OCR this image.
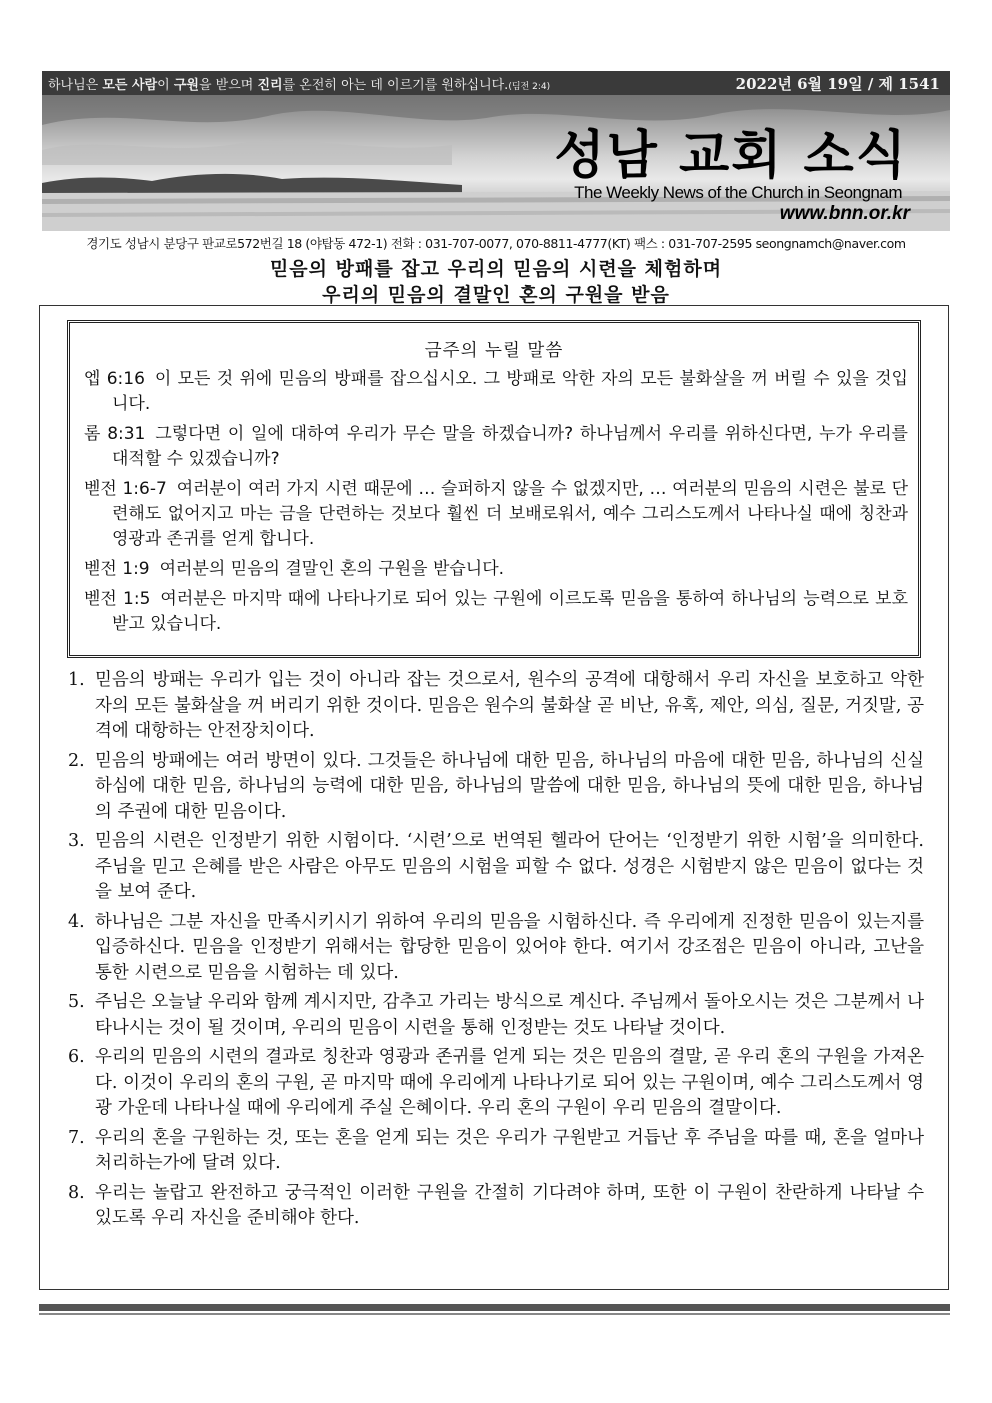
하나님은 모든 사람이 구원을 받으며 진리를 온전히 아는 데 이르기를 원하십니다.(딤전 2:4)	2022년 6월 19일 / 제 1541
성남 교회 소식
The Weekly News of the Church in Seongnam
www.bnn.or.kr
경기도 성남시 분당구 판교로572번길 18 (야탑동 472-1) 전화 : 031-707-0077, 070-8811-4777(KT) 팩스 : 031-707-2595 seongnamch@naver.com
믿음의 방패를 잡고 우리의 믿음의 시련을 체험하며
우리의 믿음의 결말인 혼의 구원을 받음
금주의 누릴 말씀
엡 6:16 이 모든 것 위에 믿음의 방패를 잡으십시오. 그 방패로 악한 자의 모든 불화살을 꺼 버릴 수 있을 것입니다.
롬 8:31 그렇다면 이 일에 대하여 우리가 무슨 말을 하겠습니까? 하나님께서 우리를 위하신다면, 누가 우리를 대적할 수 있겠습니까?
벧전 1:6-7 여러분이 여러 가지 시련 때문에 … 슬퍼하지 않을 수 없겠지만, … 여러분의 믿음의 시련은 불로 단련해도 없어지고 마는 금을 단련하는 것보다 훨씬 더 보배로워서, 예수 그리스도께서 나타나실 때에 칭찬과 영광과 존귀를 얻게 합니다.
벧전 1:9 여러분의 믿음의 결말인 혼의 구원을 받습니다.
벧전 1:5 여러분은 마지막 때에 나타나기로 되어 있는 구원에 이르도록 믿음을 통하여 하나님의 능력으로 보호받고 있습니다.
1. 믿음의 방패는 우리가 입는 것이 아니라 잡는 것으로서, 원수의 공격에 대항해서 우리 자신을 보호하고 악한 자의 모든 불화살을 꺼 버리기 위한 것이다. 믿음은 원수의 불화살 곧 비난, 유혹, 제안, 의심, 질문, 거짓말, 공격에 대항하는 안전장치이다.
2. 믿음의 방패에는 여러 방면이 있다. 그것들은 하나님에 대한 믿음, 하나님의 마음에 대한 믿음, 하나님의 신실하심에 대한 믿음, 하나님의 능력에 대한 믿음, 하나님의 말씀에 대한 믿음, 하나님의 뜻에 대한 믿음, 하나님의 주권에 대한 믿음이다.
3. 믿음의 시련은 인정받기 위한 시험이다. ‘시련’으로 번역된 헬라어 단어는 ‘인정받기 위한 시험’을 의미한다. 주님을 믿고 은혜를 받은 사람은 아무도 믿음의 시험을 피할 수 없다. 성경은 시험받지 않은 믿음이 없다는 것을 보여 준다.
4. 하나님은 그분 자신을 만족시키시기 위하여 우리의 믿음을 시험하신다. 즉 우리에게 진정한 믿음이 있는지를 입증하신다. 믿음을 인정받기 위해서는 합당한 믿음이 있어야 한다. 여기서 강조점은 믿음이 아니라, 고난을 통한 시련으로 믿음을 시험하는 데 있다.
5. 주님은 오늘날 우리와 함께 계시지만, 감추고 가리는 방식으로 계신다. 주님께서 돌아오시는 것은 그분께서 나타나시는 것이 될 것이며, 우리의 믿음이 시련을 통해 인정받는 것도 나타날 것이다.
6. 우리의 믿음의 시련의 결과로 칭찬과 영광과 존귀를 얻게 되는 것은 믿음의 결말, 곧 우리 혼의 구원을 가져온다. 이것이 우리의 혼의 구원, 곧 마지막 때에 우리에게 나타나기로 되어 있는 구원이며, 예수 그리스도께서 영광 가운데 나타나실 때에 우리에게 주실 은혜이다. 우리 혼의 구원이 우리 믿음의 결말이다.
7. 우리의 혼을 구원하는 것, 또는 혼을 얻게 되는 것은 우리가 구원받고 거듭난 후 주님을 따를 때, 혼을 얼마나 처리하는가에 달려 있다.
8. 우리는 놀랍고 완전하고 궁극적인 이러한 구원을 간절히 기다려야 하며, 또한 이 구원이 찬란하게 나타날 수 있도록 우리 자신을 준비해야 한다.
